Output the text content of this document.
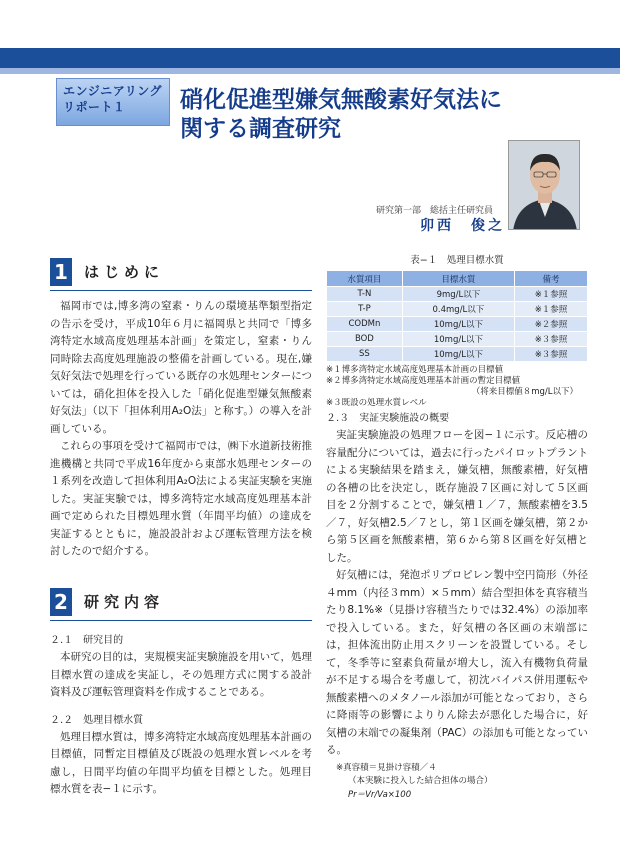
エンジニアリング
リポート１	硝化促進型嫌気無酸素好気法に
関する調査研究
研究第一部　総括主任研究員
卯西　俊之
1 はじめに

福岡市では,博多湾の窒素・りんの環境基準類型指定の告示を受け，平成10年６月に福岡県と共同で「博多湾特定水域高度処理基本計画」を策定し，窒素・りん同時除去高度処理施設の整備を計画している。現在,嫌気好気法で処理を行っている既存の水処理センターについては，硝化担体を投入した「硝化促進型嫌気無酸素好気法」（以下「担体利用A₂O法」と称す。）の導入を計画している。

これらの事項を受けて福岡市では，㈱下水道新技術推進機構と共同で平成16年度から東部水処理センターの１系列を改造して担体利用A₂O法による実証実験を実施した。実証実験では，博多湾特定水域高度処理基本計画で定められた目標処理水質（年間平均値）の達成を実証するとともに，施設設計および運転管理方法を検討したので紹介する。

2 研究内容
２.１　研究目的

本研究の目的は，実規模実証実験施設を用いて，処理目標水質の達成を実証し，その処理方式に関する設計資料及び運転管理資料を作成することである。

２.２　処理目標水質

処理目標水質は，博多湾特定水域高度処理基本計画の目標値，同暫定目標値及び既設の処理水質レベルを考慮し，日間平均値の年間平均値を目標とした。処理目標水質を表−１に示す。

表−１　処理目標水質
水質項目	目標水質	備考
T-N	9mg/L以下	※１参照
T-P	0.4mg/L以下	※１参照
CODMn	10mg/L以下	※２参照
BOD	10mg/L以下	※３参照
SS	10mg/L以下	※３参照
※１博多湾特定水域高度処理基本計画の目標値
※２博多湾特定水域高度処理基本計画の暫定目標値
（将来目標値８mg/L以下）
※３既設の処理水質レベル
２.３　実証実験施設の概要

実証実験施設の処理フローを図−１に示す。反応槽の容量配分については，過去に行ったパイロットプラントによる実験結果を踏まえ，嫌気槽，無酸素槽，好気槽の各槽の比を決定し，既存施設７区画に対して５区画目を２分割することで，嫌気槽１／７，無酸素槽を3.5／７，好気槽2.5／７とし，第１区画を嫌気槽，第２から第５区画を無酸素槽，第６から第８区画を好気槽とした。

好気槽には，発泡ポリプロピレン製中空円筒形（外径４mm（内径３mm）×５mm）結合型担体を真容積当たり8.1%※（見掛け容積当たりでは32.4%）の添加率で投入している。また，好気槽の各区画の末端部には，担体流出防止用スクリーンを設置している。そして，冬季等に窒素負荷量が増大し，流入有機物負荷量が不足する場合を考慮して，初沈バイパス併用運転や無酸素槽へのメタノール添加が可能となっており，さらに降雨等の影響によりりん除去が悪化した場合に，好気槽の末端での凝集剤（PAC）の添加も可能となっている。

※真容積＝見掛け容積／４
（本実験に投入した結合担体の場合）
Pr＝Vr/Va×100
